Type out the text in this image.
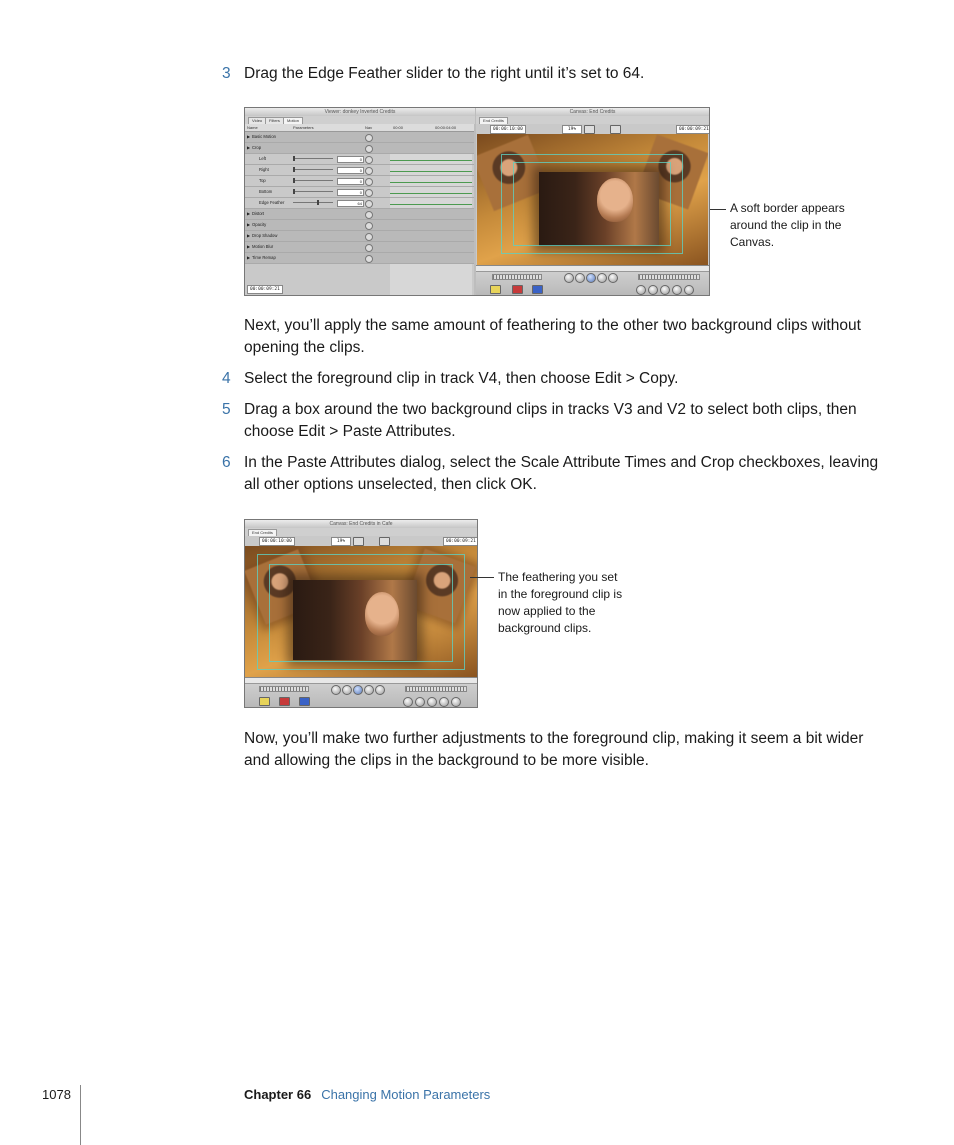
3 Drag the Edge Feather slider to the right until it’s set to 64.
Viewer: donkey Inverted Credits
Video	Filters	Motion
Name	Parameters	Nav	00:00	00:00:04:00
▶ Basic Motion
▶ Crop
Left	0
Right	0
Top	0
Bottom	0
Edge Feather	64
▶ Distort
▶ Opacity
▶ Drop Shadow
▶ Motion Blur
▶ Time Remap
00:00:09:21
Canvas: End Credits
End Credits
00:00:10:00	19%	00:00:09:21
A soft border appears around the clip in the Canvas.
Next, you’ll apply the same amount of feathering to the other two background clips without opening the clips.
4 Select the foreground clip in track V4, then choose Edit > Copy.
5 Drag a box around the two background clips in tracks V3 and V2 to select both clips, then choose Edit > Paste Attributes.
6 In the Paste Attributes dialog, select the Scale Attribute Times and Crop checkboxes, leaving all other options unselected, then click OK.
Canvas: End Credits in Cafe
End Credits
00:00:10:00	19%	00:00:09:21
The feathering you set in the foreground clip is now applied to the background clips.
Now, you’ll make two further adjustments to the foreground clip, making it seem a bit wider and allowing the clips in the background to be more visible.
1078	Chapter 66 Changing Motion Parameters
